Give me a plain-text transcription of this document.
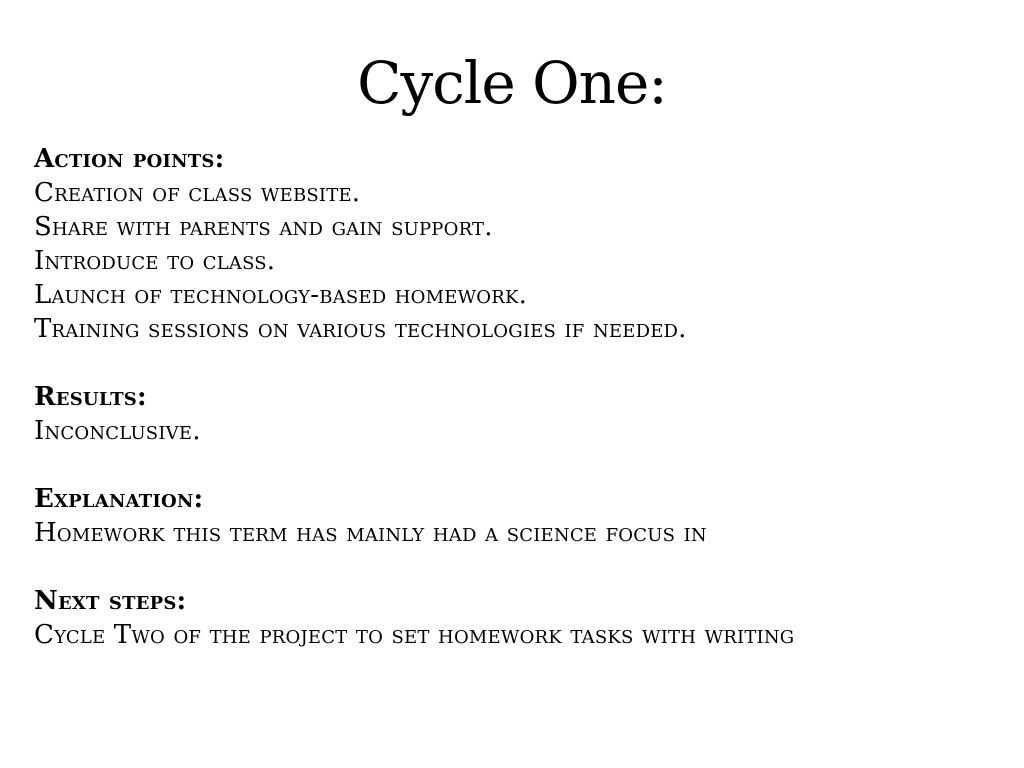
Cycle One:
Action points:
Creation of class website.
Share with parents and gain support.
Introduce to class.
Launch of technology-based homework.
Training sessions on various technologies if needed.
Results:
Inconclusive.
Explanation:
Homework this term has mainly had a science focus in
Next steps:
Cycle Two of the project to set homework tasks with writing
